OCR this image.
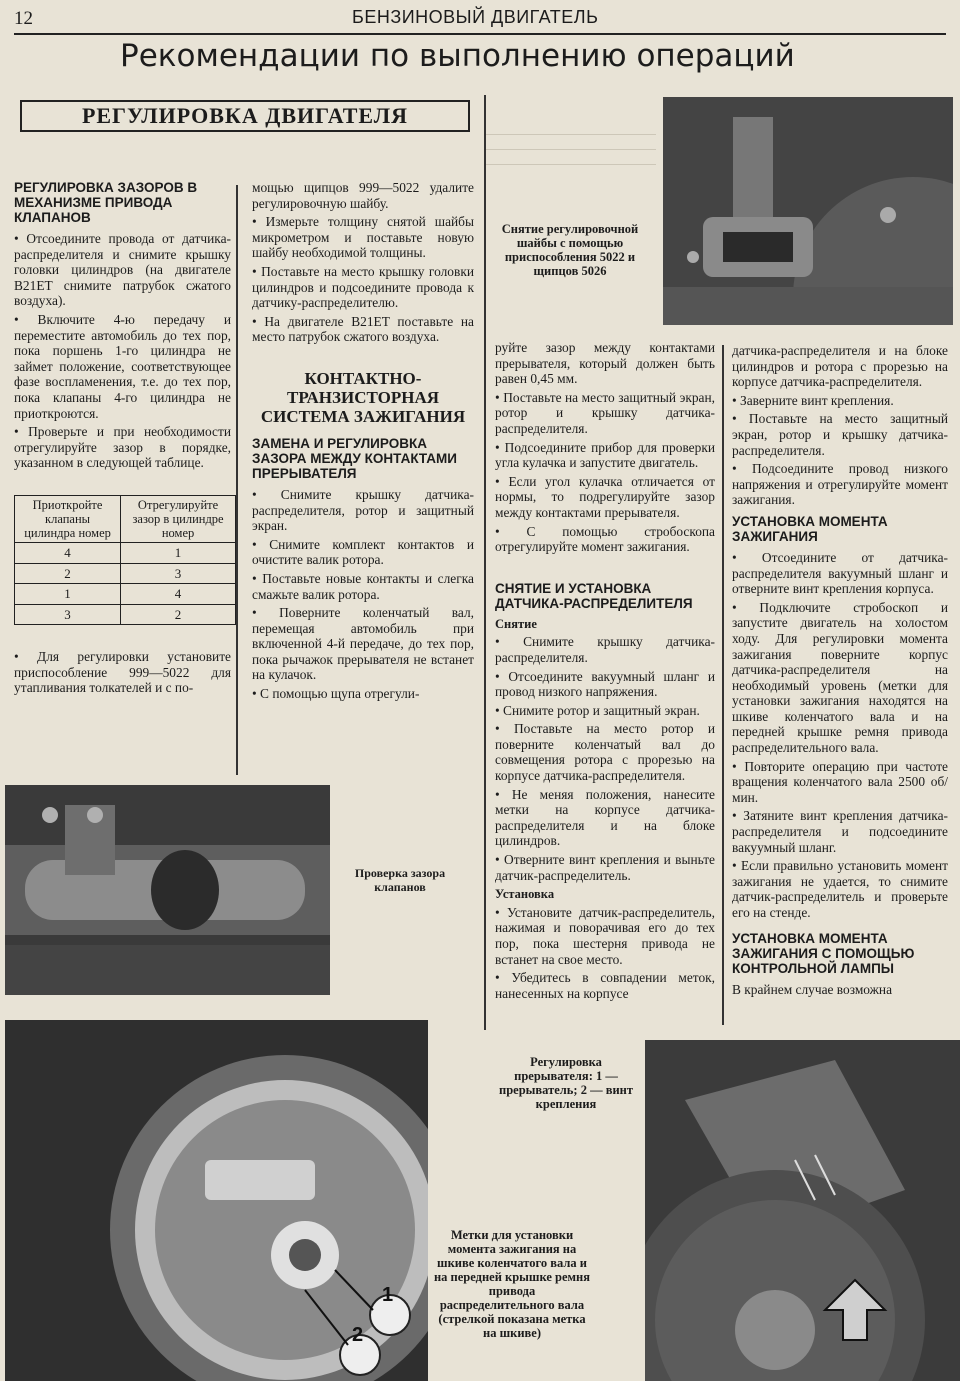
12	БЕНЗИНОВЫЙ ДВИГАТЕЛЬ
Рекомендации по выполнению операций
РЕГУЛИРОВКА ДВИГАТЕЛЯ
РЕГУЛИРОВКА ЗАЗОРОВ В МЕХАНИЗМЕ ПРИВОДА КЛАПАНОВ

• Отсоедините провода от датчика-распределителя и снимите крышку головки цилиндров (на двигателе B21ET снимите патрубок сжатого воздуха).

• Включите 4-ю передачу и переместите автомобиль до тех пор, пока поршень 1-го цилиндра не займет положение, соответствующее фазе воспламенения, т.е. до тех пор, пока клапаны 4-го цилиндра не приоткроются.

• Проверьте и при необходимости отрегулируйте зазор в порядке, указанном в следующей таблице.

Приоткройте клапаны цилиндра номер	Отрегулируйте зазор в цилиндре номер
4	1
2	3
1	4
3	2

• Для регулировки установите приспособление 999—5022 для утапливания толкателей и с по-

мощью щипцов 999—5022 удалите регулировочную шайбу.

• Измерьте толщину снятой шайбы микрометром и поставьте новую шайбу необходимой толщины.

• Поставьте на место крышку головки цилиндров и подсоедините провода к датчику-распределителю.

• На двигателе B21ET поставьте на место патрубок сжатого воздуха.

КОНТАКТНО-ТРАНЗИСТОРНАЯ СИСТЕМА ЗАЖИГАНИЯ
ЗАМЕНА И РЕГУЛИРОВКА ЗАЗОРА МЕЖДУ КОНТАКТАМИ ПРЕРЫВАТЕЛЯ

• Снимите крышку датчика-распределителя, ротор и защитный экран.

• Снимите комплект контактов и очистите валик ротора.

• Поставьте новые контакты и слегка смажьте валик ротора.

• Поверните коленчатый вал, перемещая автомобиль при включенной 4-й передаче, до тех пор, пока рычажок прерывателя не встанет на кулачок.

• С помощью щупа отрегули-

Снятие регулировочной шайбы с помощью приспособления 5022 и щипцов 5026

руйте зазор между контактами прерывателя, который должен быть равен 0,45 мм.

• Поставьте на место защитный экран, ротор и крышку датчика-распределителя.

• Подсоедините прибор для проверки угла кулачка и запустите двигатель.

• Если угол кулачка отличается от нормы, то подрегулируйте зазор между контактами прерывателя.

• С помощью стробоскопа отрегулируйте момент зажигания.

СНЯТИЕ И УСТАНОВКА ДАТЧИКА-РАСПРЕДЕЛИТЕЛЯ
Снятие

• Снимите крышку датчика-распределителя.

• Отсоедините вакуумный шланг и провод низкого напряжения.

• Снимите ротор и защитный экран.

• Поставьте на место ротор и поверните коленчатый вал до совмещения ротора с прорезью на корпусе датчика-распределителя.

• Не меняя положения, нанесите метки на корпусе датчика-распределителя и на блоке цилиндров.

• Отверните винт крепления и выньте датчик-распределитель.

Установка

• Установите датчик-распределитель, нажимая и поворачивая его до тех пор, пока шестерня привода не встанет на свое место.

• Убедитесь в совпадении меток, нанесенных на корпусе

датчика-распределителя и на блоке цилиндров и ротора с прорезью на корпусе датчика-распределителя.

• Заверните винт крепления.

• Поставьте на место защитный экран, ротор и крышку датчика-распределителя.

• Подсоедините провод низкого напряжения и отрегулируйте момент зажигания.

УСТАНОВКА МОМЕНТА ЗАЖИГАНИЯ

• Отсоедините от датчика-распределителя вакуумный шланг и отверните винт крепления корпуса.

• Подключите стробоскоп и запустите двигатель на холостом ходу. Для регулировки момента зажигания поверните корпус датчика-распределителя на необходимый уровень (метки для установки зажигания находятся на шкиве коленчатого вала и на передней крышке ремня привода распределительного вала.

• Повторите операцию при частоте вращения коленчатого вала 2500 об/мин.

• Затяните винт крепления датчика-распределителя и подсоедините вакуумный шланг.

• Если правильно установить момент зажигания не удается, то снимите датчик-распределитель и проверьте его на стенде.

УСТАНОВКА МОМЕНТА ЗАЖИГАНИЯ С ПОМОЩЬЮ КОНТРОЛЬНОЙ ЛАМПЫ

В крайнем случае возможна

Проверка зазора клапанов
1
2
Регулировка прерывателя: 1 — прерыватель; 2 — винт крепления
Метки для установки момента зажигания на шкиве коленчатого вала и на передней крышке ремня привода распределительного вала (стрелкой показана метка на шкиве)
